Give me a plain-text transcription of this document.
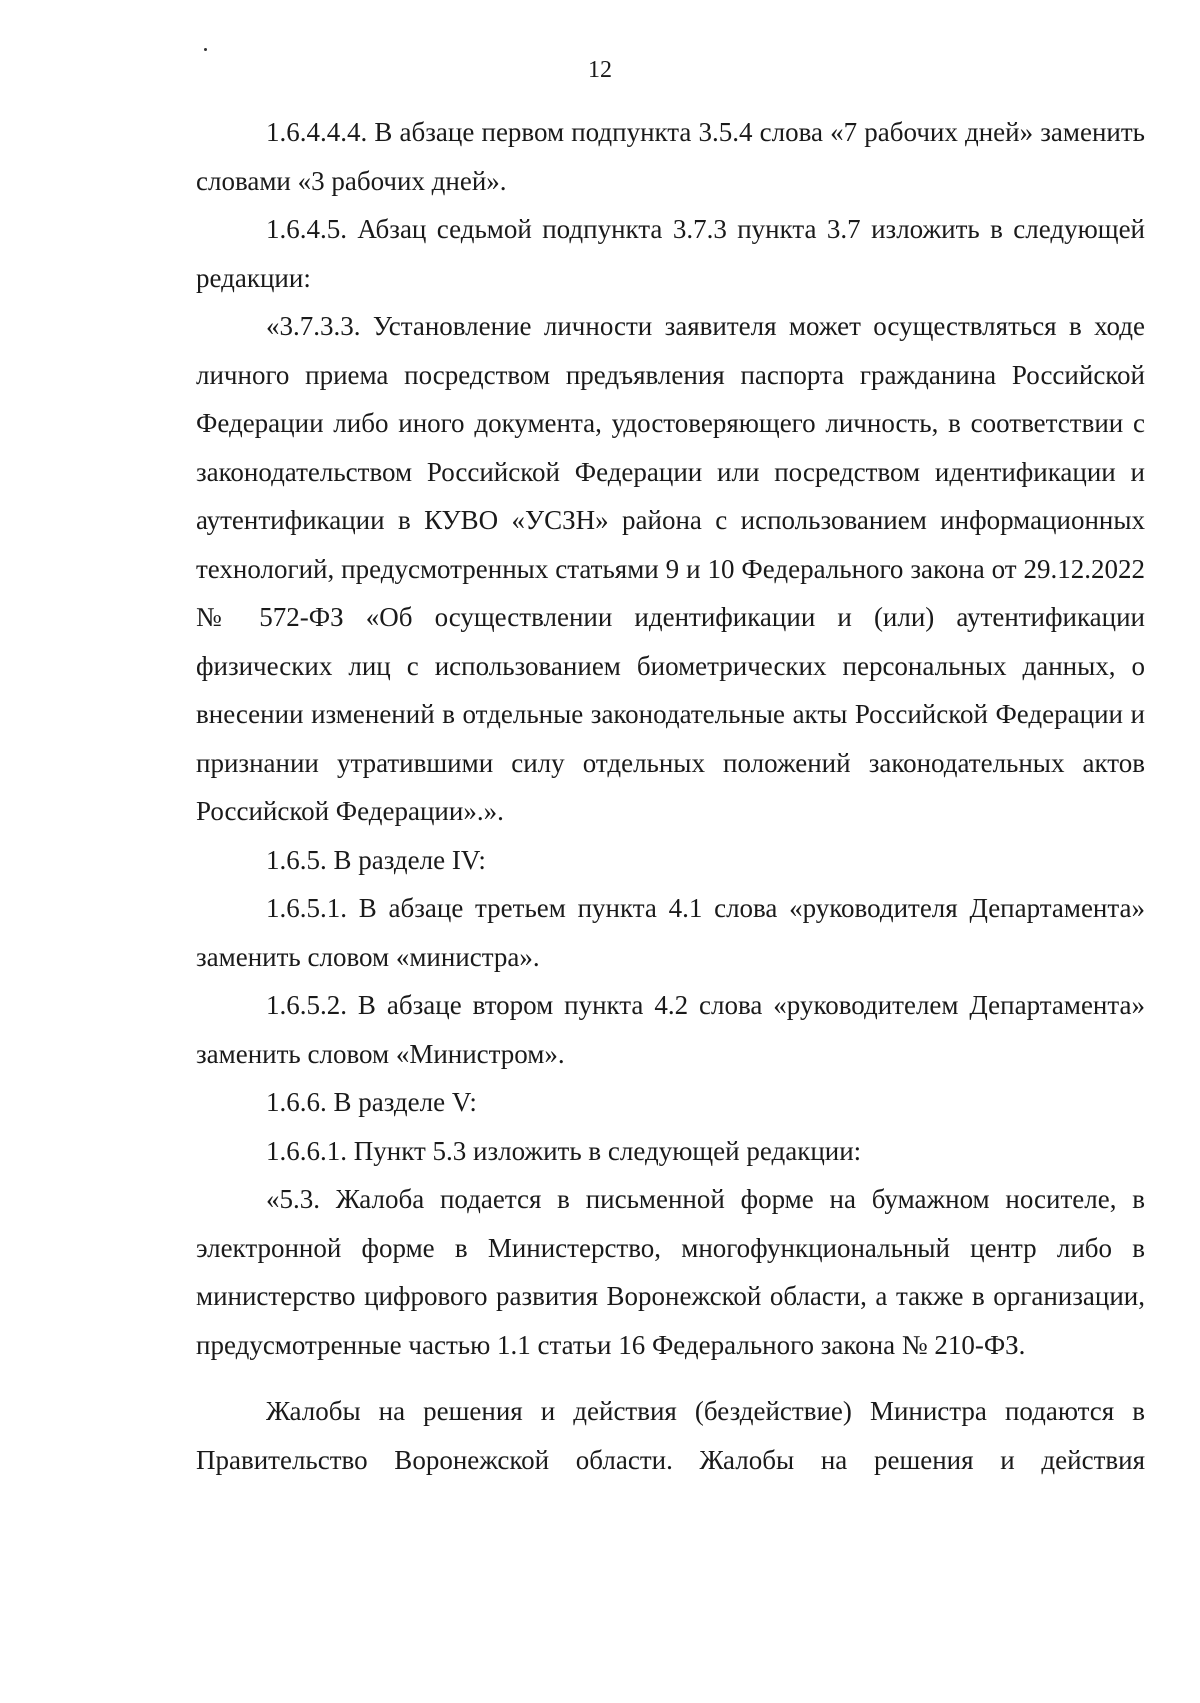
12

1.6.4.4.4. В абзаце первом подпункта 3.5.4 слова «7 рабочих дней» заменить словами «3 рабочих дней».

1.6.4.5. Абзац седьмой подпункта 3.7.3 пункта 3.7 изложить в следующей редакции:

«3.7.3.3. Установление личности заявителя может осуществляться в ходе личного приема посредством предъявления паспорта гражданина Российской Федерации либо иного документа, удостоверяющего личность, в соответствии с законодательством Российской Федерации или посредством идентификации и аутентификации в КУВО «УСЗН» района с использованием информационных технологий, предусмотренных статьями 9 и 10 Федерального закона от 29.12.2022 № 572-ФЗ «Об осуществлении идентификации и (или) аутентификации физических лиц с использованием биометрических персональных данных, о внесении изменений в отдельные законодательные акты Российской Федерации и признании утратившими силу отдельных положений законодательных актов Российской Федерации».».

1.6.5. В разделе IV:

1.6.5.1. В абзаце третьем пункта 4.1 слова «руководителя Департамента» заменить словом «министра».

1.6.5.2. В абзаце втором пункта 4.2 слова «руководителем Департамента» заменить словом «Министром».

1.6.6. В разделе V:

1.6.6.1. Пункт 5.3 изложить в следующей редакции:

«5.3. Жалоба подается в письменной форме на бумажном носителе, в электронной форме в Министерство, многофункциональный центр либо в министерство цифрового развития Воронежской области, а также в организации, предусмотренные частью 1.1 статьи 16 Федерального закона № 210-ФЗ.

Жалобы на решения и действия (бездействие) Министра подаются в Правительство Воронежской области. Жалобы на решения и действия
